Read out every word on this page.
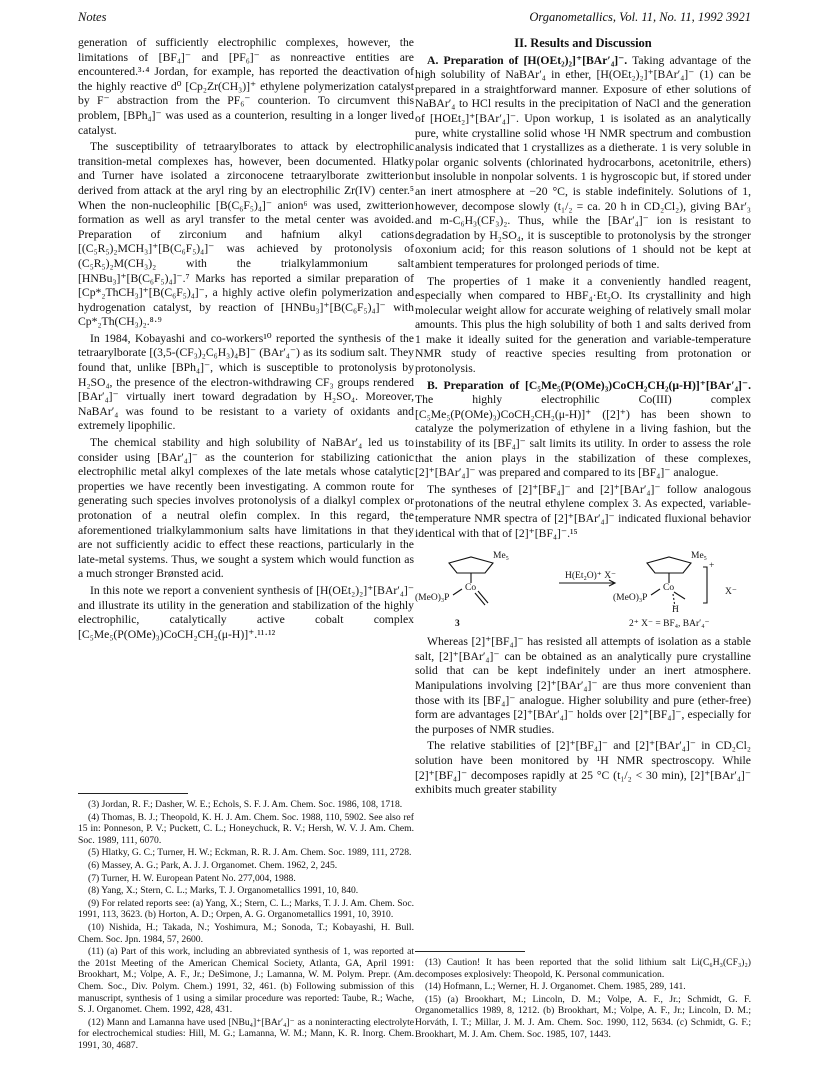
Notes	Organometallics, Vol. 11, No. 11, 1992 3921

generation of sufficiently electrophilic complexes, however, the limitations of [BF₄]⁻ and [PF₆]⁻ as nonreactive entities are encountered.³·⁴ Jordan, for example, has reported the deactivation of the highly reactive d⁰ [Cp₂Zr(CH₃)]⁺ ethylene polymerization catalyst by F⁻ abstraction from the PF₆⁻ counterion. To circumvent this problem, [BPh₄]⁻ was used as a counterion, resulting in a longer lived catalyst.

The susceptibility of tetraarylborates to attack by electrophilic transition-metal complexes has, however, been documented. Hlatky and Turner have isolated a zirconocene tetraarylborate zwitterion derived from attack at the aryl ring by an electrophilic Zr(IV) center.⁵ When the non-nucleophilic [B(C₆F₅)₄]⁻ anion⁶ was used, zwitterion formation as well as aryl transfer to the metal center was avoided. Preparation of zirconium and hafnium alkyl cations [(C₅R₅)₂MCH₃]⁺[B(C₆F₅)₄]⁻ was achieved by protonolysis of (C₅R₅)₂M(CH₃)₂ with the trialkylammonium salt [HNBu₃]⁺[B(C₆F₅)₄]⁻.⁷ Marks has reported a similar preparation of [Cp*₂ThCH₃]⁺[B(C₆F₅)₄]⁻, a highly active olefin polymerization and hydrogenation catalyst, by reaction of [HNBu₃]⁺[B(C₆F₅)₄]⁻ with Cp*₂Th(CH₃)₂.⁸·⁹

In 1984, Kobayashi and co-workers¹⁰ reported the synthesis of the tetraarylborate [(3,5-(CF₃)₂C₆H₃)₄B]⁻ (BAr′₄⁻) as its sodium salt. They found that, unlike [BPh₄]⁻, which is susceptible to protonolysis by H₂SO₄, the presence of the electron-withdrawing CF₃ groups rendered [BAr′₄]⁻ virtually inert toward degradation by H₂SO₄. Moreover, NaBAr′₄ was found to be resistant to a variety of oxidants and extremely lipophilic.

The chemical stability and high solubility of NaBAr′₄ led us to consider using [BAr′₄]⁻ as the counterion for stabilizing cationic electrophilic metal alkyl complexes of the late metals whose catalytic properties we have recently been investigating. A common route for generating such species involves protonolysis of a dialkyl complex or protonation of a neutral olefin complex. In this regard, the aforementioned trialkylammonium salts have limitations in that they are not sufficiently acidic to effect these reactions, particularly in the late-metal systems. Thus, we sought a system which would function as a much stronger Brønsted acid.

In this note we report a convenient synthesis of [H(OEt₂)₂]⁺[BAr′₄]⁻ and illustrate its utility in the generation and stabilization of the highly electrophilic, catalytically active cobalt complex [C₅Me₅(P(OMe)₃)CoCH₂CH₂(μ-H)]⁺.¹¹·¹²

(3) Jordan, R. F.; Dasher, W. E.; Echols, S. F. J. Am. Chem. Soc. 1986, 108, 1718.

(4) Thomas, B. J.; Theopold, K. H. J. Am. Chem. Soc. 1988, 110, 5902. See also ref 15 in: Ponneson, P. V.; Puckett, C. L.; Honeychuck, R. V.; Hersh, W. V. J. Am. Chem. Soc. 1989, 111, 6070.

(5) Hlatky, G. C.; Turner, H. W.; Eckman, R. R. J. Am. Chem. Soc. 1989, 111, 2728.

(6) Massey, A. G.; Park, A. J. J. Organomet. Chem. 1962, 2, 245.

(7) Turner, H. W. European Patent No. 277,004, 1988.

(8) Yang, X.; Stern, C. L.; Marks, T. J. Organometallics 1991, 10, 840.

(9) For related reports see: (a) Yang, X.; Stern, C. L.; Marks, T. J. J. Am. Chem. Soc. 1991, 113, 3623. (b) Horton, A. D.; Orpen, A. G. Organometallics 1991, 10, 3910.

(10) Nishida, H.; Takada, N.; Yoshimura, M.; Sonoda, T.; Kobayashi, H. Bull. Chem. Soc. Jpn. 1984, 57, 2600.

(11) (a) Part of this work, including an abbreviated synthesis of 1, was reported at the 201st Meeting of the American Chemical Society, Atlanta, GA, April 1991: Brookhart, M.; Volpe, A. F., Jr.; DeSimone, J.; Lamanna, W. M. Polym. Prepr. (Am. Chem. Soc., Div. Polym. Chem.) 1991, 32, 461. (b) Following submission of this manuscript, synthesis of 1 using a similar procedure was reported: Taube, R.; Wache, S. J. Organomet. Chem. 1992, 428, 431.

(12) Mann and Lamanna have used [NBu₄]⁺[BAr′₄]⁻ as a noninteracting electrolyte for electrochemical studies: Hill, M. G.; Lamanna, W. M.; Mann, K. R. Inorg. Chem. 1991, 30, 4687.

II. Results and Discussion

A. Preparation of [H(OEt₂)₂]⁺[BAr′₄]⁻. Taking advantage of the high solubility of NaBAr′₄ in ether, [H(OEt₂)₂]⁺[BAr′₄]⁻ (1) can be prepared in a straightforward manner. Exposure of ether solutions of NaBAr′₄ to HCl results in the precipitation of NaCl and the generation of [HOEt₂]⁺[BAr′₄]⁻. Upon workup, 1 is isolated as an analytically pure, white crystalline solid whose ¹H NMR spectrum and combustion analysis indicated that 1 crystallizes as a dietherate. 1 is very soluble in polar organic solvents (chlorinated hydrocarbons, acetonitrile, ethers) but insoluble in nonpolar solvents. 1 is hygroscopic but, if stored under an inert atmosphere at −20 °C, is stable indefinitely. Solutions of 1, however, decompose slowly (t₁/₂ = ca. 20 h in CD₂Cl₂), giving BAr′₃ and m-C₆H₃(CF₃)₂. Thus, while the [BAr′₄]⁻ ion is resistant to degradation by H₂SO₄, it is susceptible to protonolysis by the stronger oxonium acid; for this reason solutions of 1 should not be kept at ambient temperatures for prolonged periods of time.

The properties of 1 make it a conveniently handled reagent, especially when compared to HBF₄·Et₂O. Its crystallinity and high molecular weight allow for accurate weighing of relatively small molar amounts. This plus the high solubility of both 1 and salts derived from 1 make it ideally suited for the generation and variable-temperature NMR study of reactive species resulting from protonation or protonolysis.

B. Preparation of [C₅Me₅(P(OMe)₃)CoCH₂CH₂(μ-H)]⁺[BAr′₄]⁻. The highly electrophilic Co(III) complex [C₅Me₅(P(OMe)₃)CoCH₂CH₂(μ-H)]⁺ ([2]⁺) has been shown to catalyze the polymerization of ethylene in a living fashion, but the instability of its [BF₄]⁻ salt limits its utility. In order to assess the role that the anion plays in the stabilization of these complexes, [2]⁺[BAr′₄]⁻ was prepared and compared to its [BF₄]⁻ analogue.

The syntheses of [2]⁺[BF₄]⁻ and [2]⁺[BAr′₄]⁻ follow analogous protonations of the neutral ethylene complex 3. As expected, variable-temperature NMR spectra of [2]⁺[BAr′₄]⁻ indicated fluxional behavior identical with that of [2]⁺[BF₄]⁻.¹⁵

Me₅
Co
(MeO)₃P
H(Et₂O)⁺ X⁻
Me₅
Co
(MeO)₃P
+
X⁻
H
3	2⁺ X⁻ = BF₄, BAr′₄⁻

Whereas [2]⁺[BF₄]⁻ has resisted all attempts of isolation as a stable salt, [2]⁺[BAr′₄]⁻ can be obtained as an analytically pure crystalline solid that can be kept indefinitely under an inert atmosphere. Manipulations involving [2]⁺[BAr′₄]⁻ are thus more convenient than those with its [BF₄]⁻ analogue. Higher solubility and pure (ether-free) form are advantages [2]⁺[BAr′₄]⁻ holds over [2]⁺[BF₄]⁻, especially for the purposes of NMR studies.

The relative stabilities of [2]⁺[BF₄]⁻ and [2]⁺[BAr′₄]⁻ in CD₂Cl₂ solution have been monitored by ¹H NMR spectroscopy. While [2]⁺[BF₄]⁻ decomposes rapidly at 25 °C (t₁/₂ < 30 min), [2]⁺[BAr′₄]⁻ exhibits much greater stability

(13) Caution! It has been reported that the solid lithium salt Li(C₆H₃(CF₃)₂) decomposes explosively: Theopold, K. Personal communication.

(14) Hofmann, L.; Werner, H. J. Organomet. Chem. 1985, 289, 141.

(15) (a) Brookhart, M.; Lincoln, D. M.; Volpe, A. F., Jr.; Schmidt, G. F. Organometallics 1989, 8, 1212. (b) Brookhart, M.; Volpe, A. F., Jr.; Lincoln, D. M.; Horváth, I. T.; Millar, J. M. J. Am. Chem. Soc. 1990, 112, 5634. (c) Schmidt, G. F.; Brookhart, M. J. Am. Chem. Soc. 1985, 107, 1443.
